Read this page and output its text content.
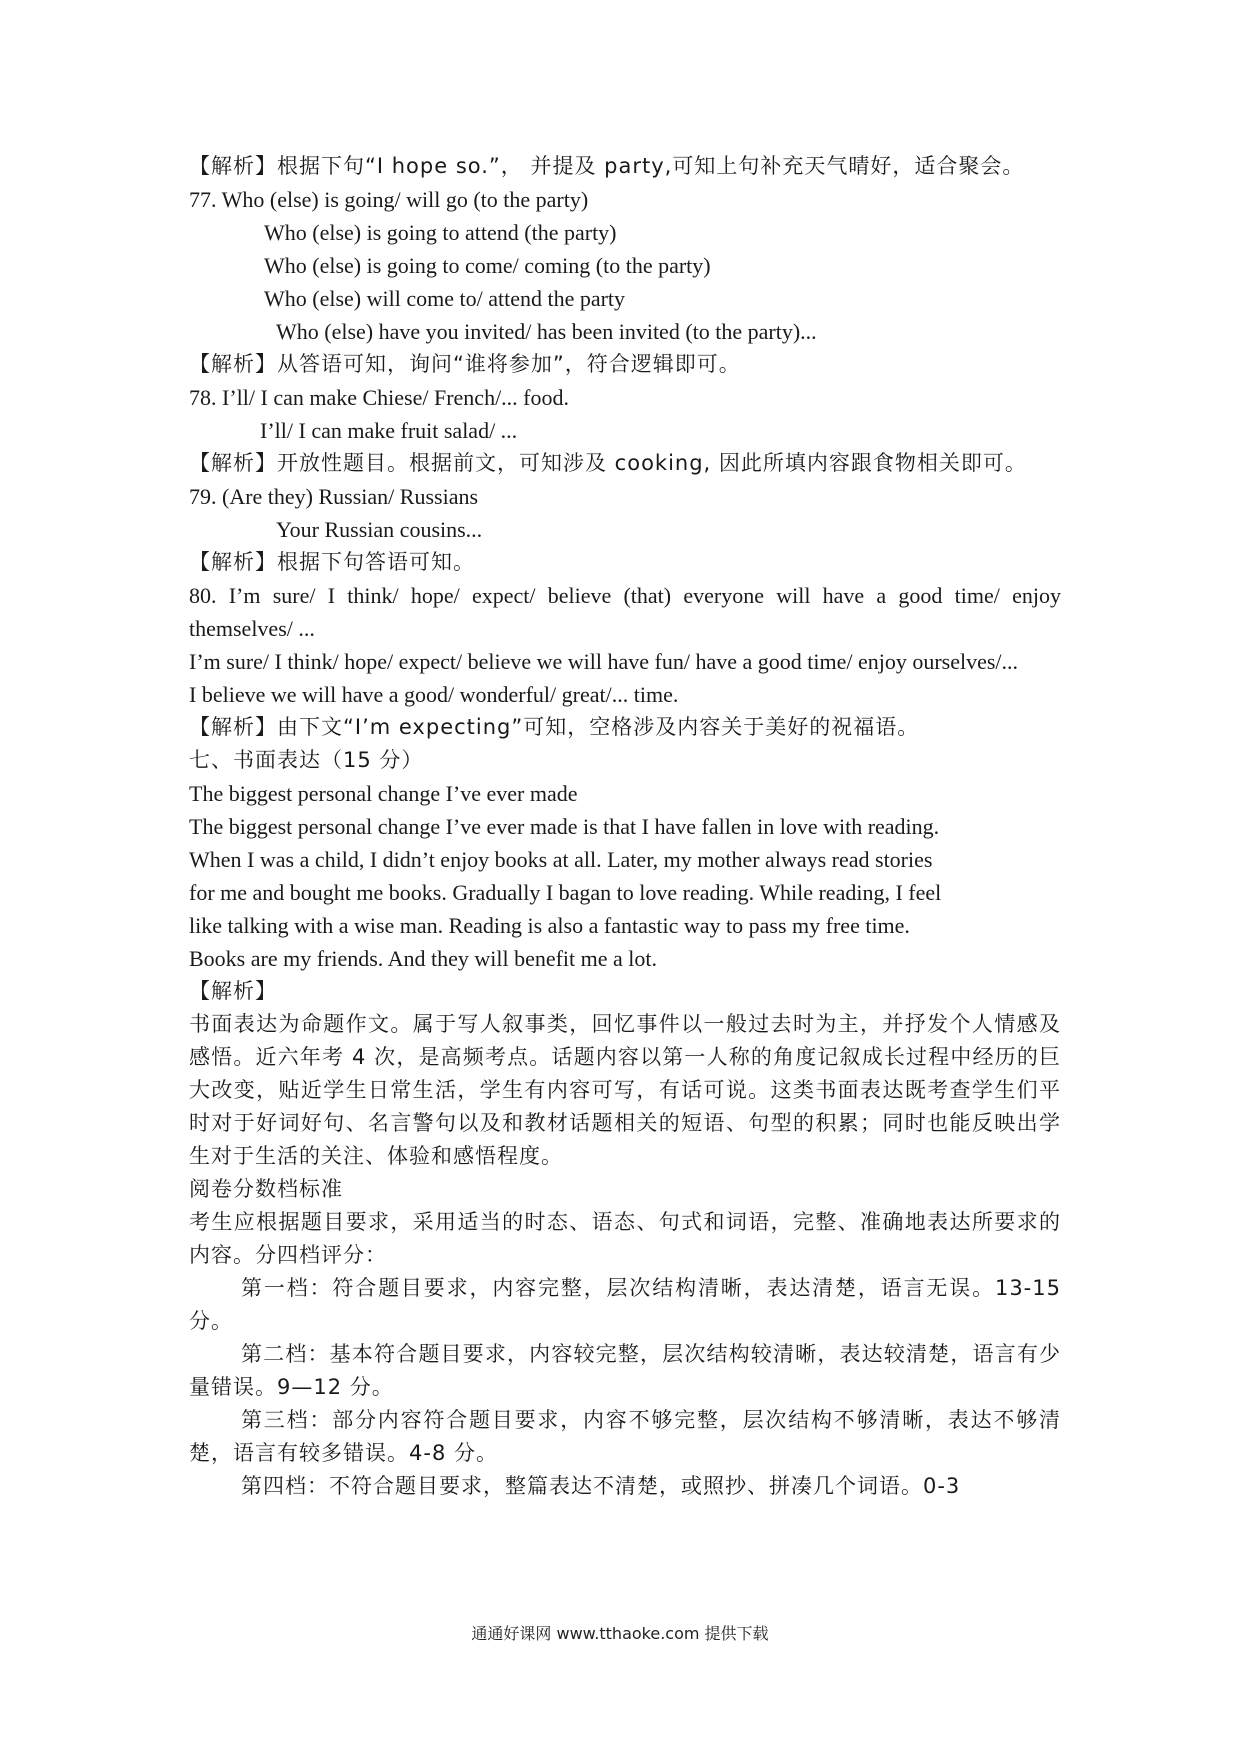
【解析】根据下句“I hope so.”， 并提及 party,可知上句补充天气晴好，适合聚会。
77. Who (else) is going/ will go (to the party)
Who (else) is going to attend (the party)
Who (else) is going to come/ coming (to the party)
Who (else) will come to/ attend the party
Who (else) have you invited/ has been invited (to the party)...
【解析】从答语可知，询问“谁将参加”，符合逻辑即可。
78. I’ll/ I can make Chiese/ French/... food.
I’ll/ I can make fruit salad/ ...
【解析】开放性题目。根据前文，可知涉及 cooking, 因此所填内容跟食物相关即可。
79. (Are they) Russian/ Russians
Your Russian cousins...
【解析】根据下句答语可知。
80. I’m sure/ I think/ hope/ expect/ believe (that) everyone will have a good time/ enjoy themselves/ ...
I’m sure/ I think/ hope/ expect/ believe we will have fun/ have a good time/ enjoy ourselves/...
I believe we will have a good/ wonderful/ great/... time.
【解析】由下文“I’m expecting”可知，空格涉及内容关于美好的祝福语。
七、书面表达（15 分）
The biggest personal change I’ve ever made
The biggest personal change I’ve ever made is that I have fallen in love with reading.
When I was a child, I didn’t enjoy books at all. Later, my mother always read stories
for me and bought me books. Gradually I bagan to love reading. While reading, I feel
like talking with a wise man. Reading is also a fantastic way to pass my free time.
Books are my friends. And they will benefit me a lot.
【解析】
书面表达为命题作文。属于写人叙事类，回忆事件以一般过去时为主，并抒发个人情感及感悟。近六年考 4 次，是高频考点。话题内容以第一人称的角度记叙成长过程中经历的巨大改变，贴近学生日常生活，学生有内容可写，有话可说。这类书面表达既考查学生们平时对于好词好句、名言警句以及和教材话题相关的短语、句型的积累；同时也能反映出学生对于生活的关注、体验和感悟程度。
阅卷分数档标准
考生应根据题目要求，采用适当的时态、语态、句式和词语，完整、准确地表达所要求的内容。分四档评分：
第一档：符合题目要求，内容完整，层次结构清晰，表达清楚，语言无误。13-15 分。
第二档：基本符合题目要求，内容较完整，层次结构较清晰，表达较清楚，语言有少量错误。9—12 分。
第三档：部分内容符合题目要求，内容不够完整，层次结构不够清晰，表达不够清楚，语言有较多错误。4-8 分。
第四档：不符合题目要求，整篇表达不清楚，或照抄、拼凑几个词语。0-3
通通好课网 www.tthaoke.com 提供下载
